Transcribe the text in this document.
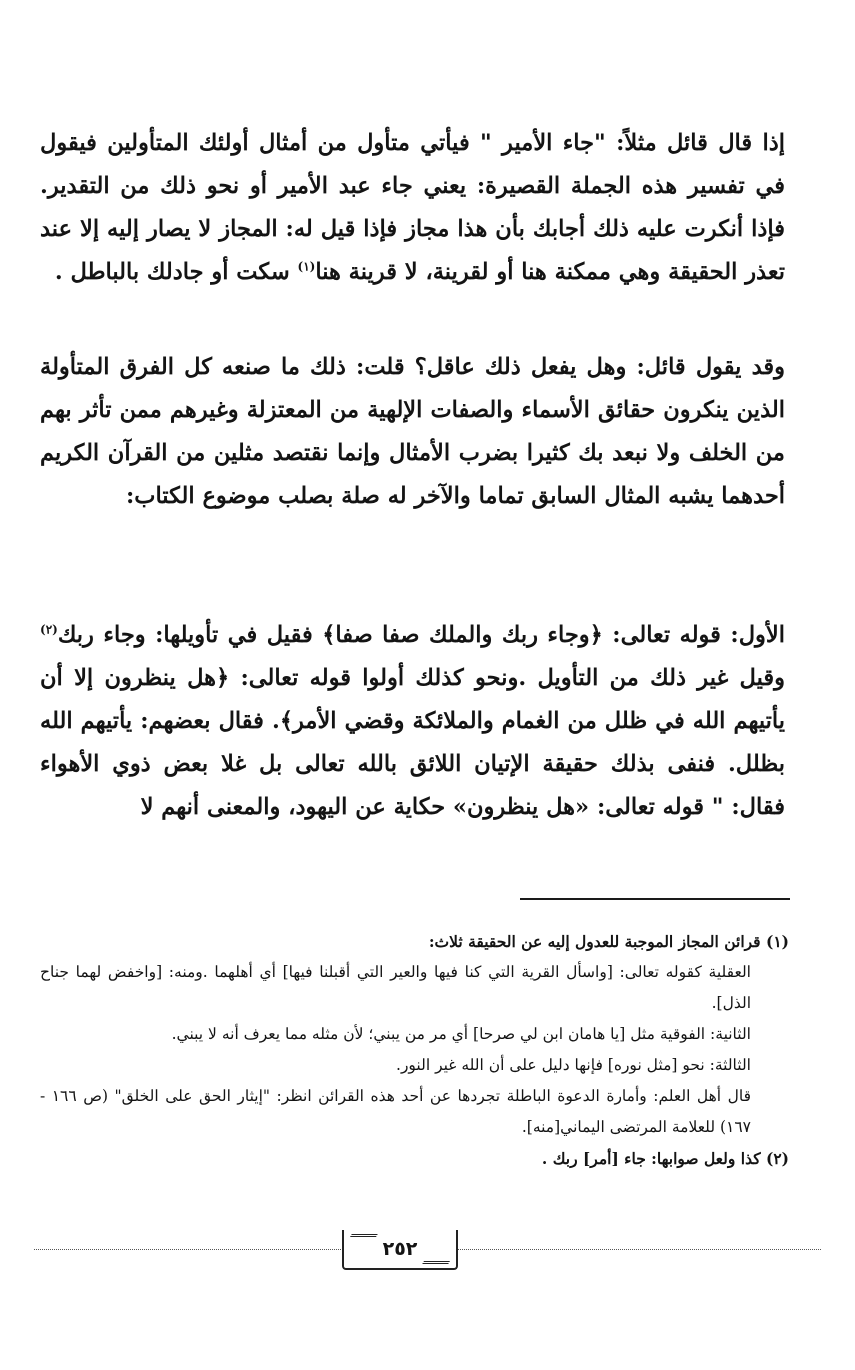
إذا قال قائل مثلاً: "جاء الأمير " فيأتي متأول من أمثال أولئك المتأولين فيقول في تفسير هذه الجملة القصيرة: يعني جاء عبد الأمير أو نحو ذلك من التقدير. فإذا أنكرت عليه ذلك أجابك بأن هذا مجاز فإذا قيل له: المجاز لا يصار إليه إلا عند تعذر الحقيقة وهي ممكنة هنا أو لقرينة، لا قرينة هنا$^{(١)}$ سكت أو جادلك بالباطل .
وقد يقول قائل: وهل يفعل ذلك عاقل؟ قلت: ذلك ما صنعه كل الفرق المتأولة الذين ينكرون حقائق الأسماء والصفات الإلهية من المعتزلة وغيرهم ممن تأثر بهم من الخلف ولا نبعد بك كثيرا بضرب الأمثال وإنما نقتصد مثلين من القرآن الكريم أحدهما يشبه المثال السابق تماما والآخر له صلة بصلب موضوع الكتاب:
الأول: قوله تعالى: ﴿وجاء ربك والملك صفا صفا﴾ فقيل في تأويلها: وجاء ربك$^{(٢)}$ وقيل غير ذلك من التأويل .ونحو كذلك أولوا قوله تعالى: ﴿هل ينظرون إلا أن يأتيهم الله في ظلل من الغمام والملائكة وقضي الأمر﴾. فقال بعضهم: يأتيهم الله بظلل. فنفى بذلك حقيقة الإتيان اللائق بالله تعالى بل غلا بعض ذوي الأهواء فقال: " قوله تعالى: «هل ينظرون» حكاية عن اليهود، والمعنى أنهم لا

(١) قرائن المجاز الموجبة للعدول إليه عن الحقيقة ثلاث:

العقلية كقوله تعالى: [واسأل القرية التي كنا فيها والعير التي أقبلنا فيها] أي أهلهما .ومنه: [واخفض لهما جناح الذل].

الثانية: الفوقية مثل [يا هامان ابن لي صرحا] أي مر من يبني؛ لأن مثله مما يعرف أنه لا يبني.

الثالثة: نحو [مثل نوره] فإنها دليل على أن الله غير النور.

قال أهل العلم: وأمارة الدعوة الباطلة تجردها عن أحد هذه القرائن انظر: "إيثار الحق على الخلق" (ص ١٦٦ - ١٦٧) للعلامة المرتضى اليماني[منه].

(٢) كذا ولعل صوابها: جاء [أمر] ربك .

٢٥٢
